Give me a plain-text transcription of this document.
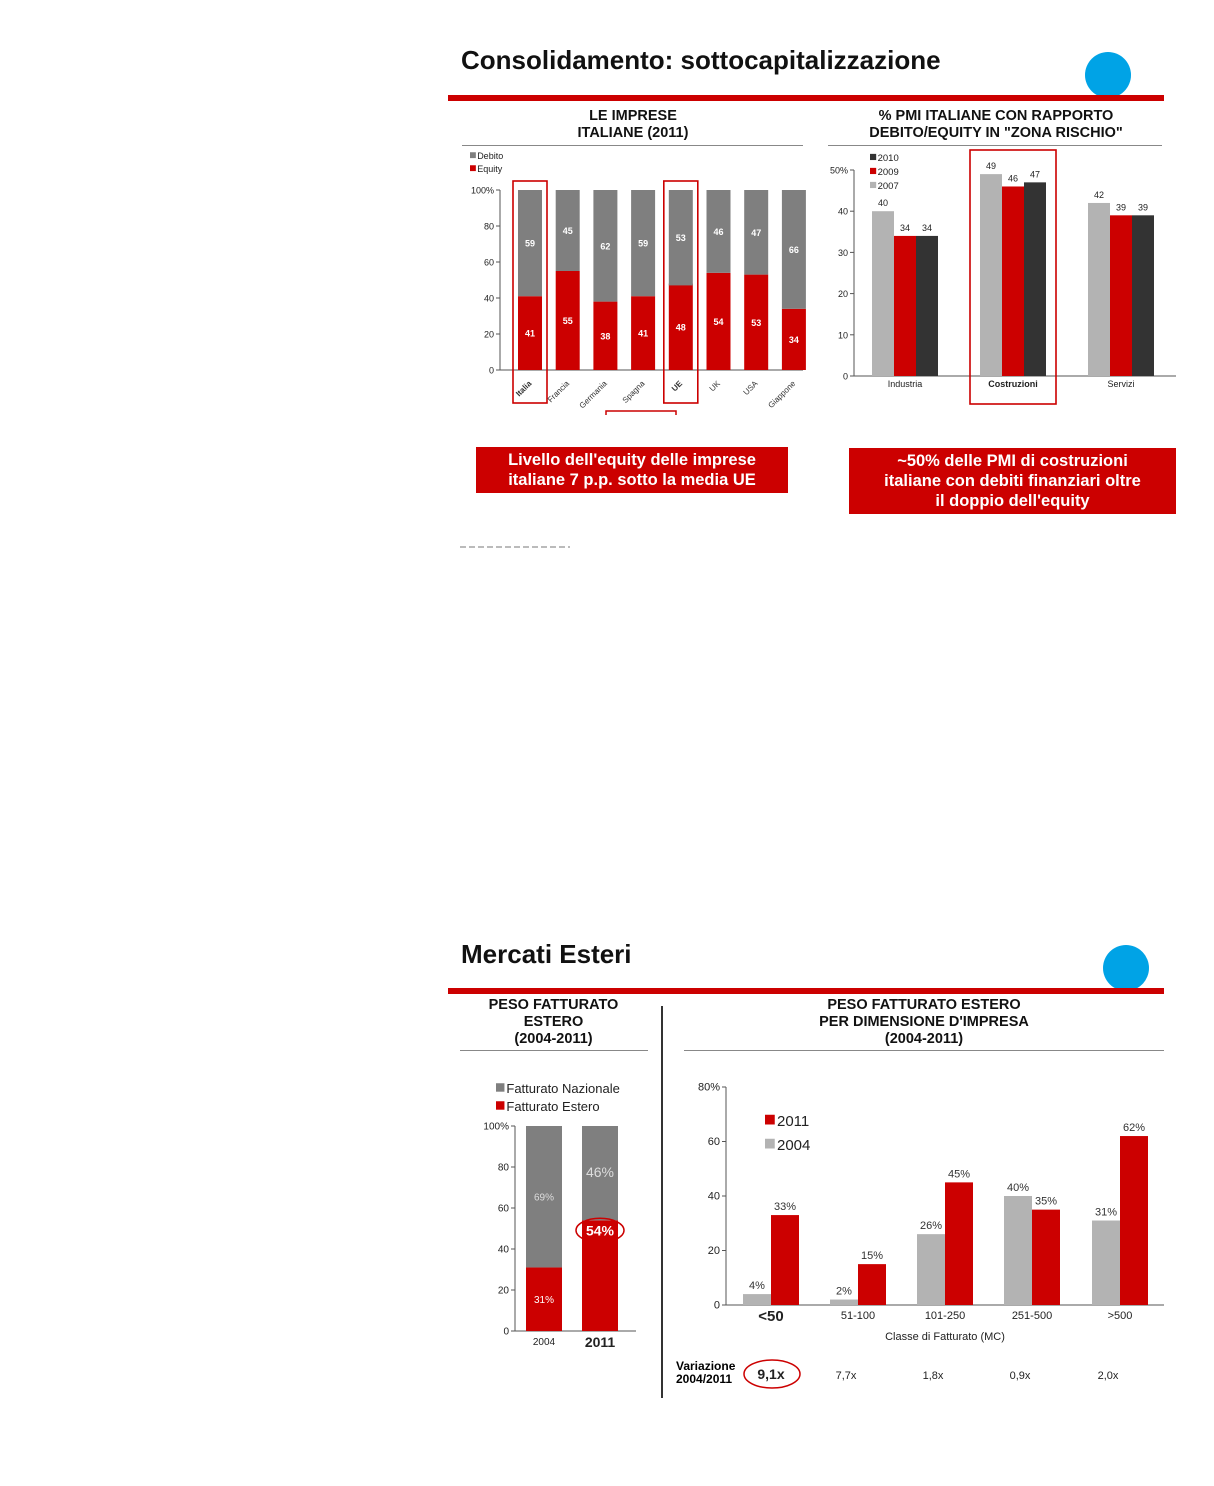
Consolidamento: sottocapitalizzazione
LE IMPRESE
ITALIANE (2011)
% PMI ITALIANE CON RAPPORTO
DEBITO/EQUITY IN "ZONA RISCHIO"
Livello dell'equity delle imprese
italiane 7 p.p. sotto la media UE
~50% delle PMI di costruzioni
italiane con debiti finanziari oltre
il doppio dell'equity
Debito
Equity
0
20
40
60
80
100%
41
59
Italia
55
45
Francia
38
62
Germania
41
59
Spagna
48
53
UE
54
46
UK
53
47
USA
34
66
Giappone
2010
2009
2007
0
10
20
30
40
50%
40
34 34
Industria
49
46 47
Costruzioni
42
39 39
Servizi
Mercati Esteri
PESO FATTURATO
ESTERO
(2004-2011)
PESO FATTURATO ESTERO
PER DIMENSIONE D'IMPRESA
(2004-2011)
Variazione
2004/2011
Fatturato Nazionale
Fatturato Estero
0
20
40
60
80
100%
69%
31%
2004
46%
54%
2011
2011
2004
0
20
40
60
80%
4%
33%
<50
9,1x
2%
15%
51-100
7,7x
26%
45%
101-250
1,8x
40%
35%
251-500
0,9x
31%
62%
>500
2,0x
Classe di Fatturato (MC)
